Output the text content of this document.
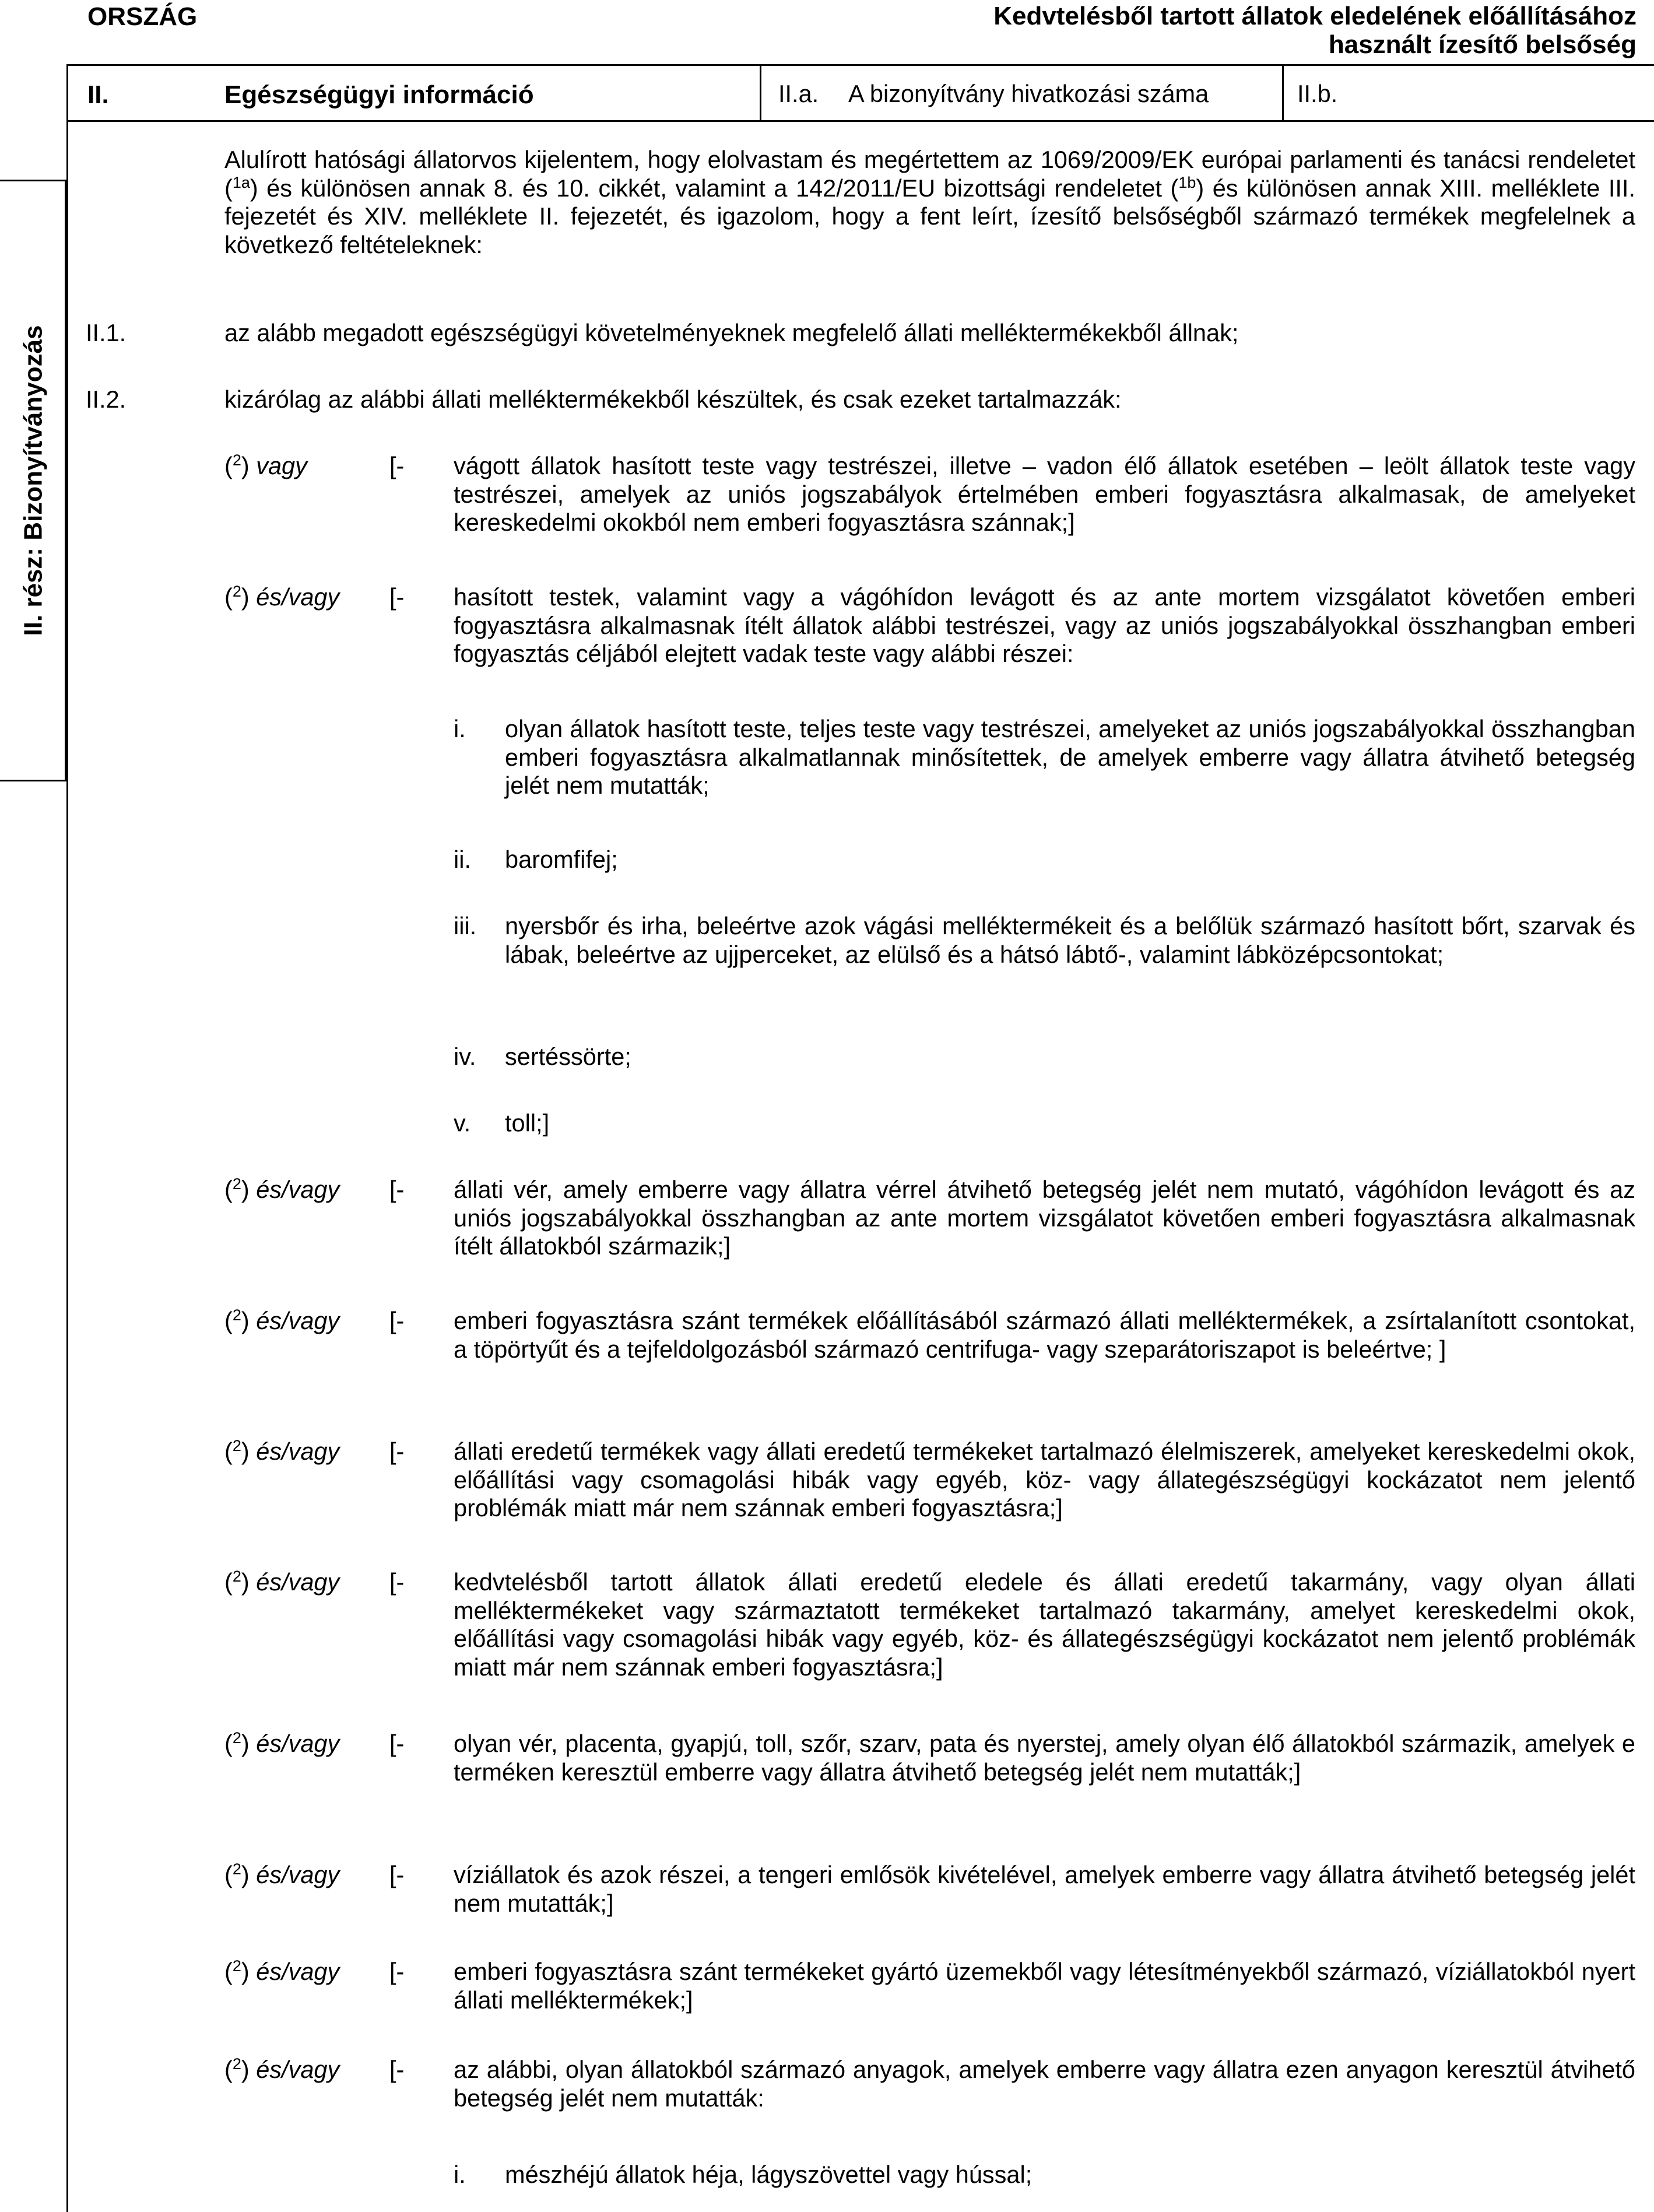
ORSZÁG	Kedvtelésből tartott állatok eledelének előállításához
használt ízesítő belsőség
II.	Egészségügyi információ	II.a. A bizonyítvány hivatkozási száma	II.b.
II. rész: Bizonyítványozás
Alulírott hatósági állatorvos kijelentem, hogy elolvastam és megértettem az 1069/2009/EK európai parlamenti és tanácsi rendeletet ($^{1a}$) és különösen annak 8. és 10. cikkét, valamint a 142/2011/EU bizottsági rendeletet ($^{1b}$) és különösen annak XIII. melléklete III. fejezetét és XIV. melléklete II. fejezetét, és igazolom, hogy a fent leírt, ízesítő belsőségből származó termékek megfelelnek a következő feltételeknek:
II.1.	az alább megadott egészségügyi követelményeknek megfelelő állati melléktermékekből állnak;
II.2.	kizárólag az alábbi állati melléktermékekből készültek, és csak ezeket tartalmazzák:
($^2$) vagy	[- vágott állatok hasított teste vagy testrészei, illetve – vadon élő állatok esetében – leölt állatok teste vagy testrészei, amelyek az uniós jogszabályok értelmében emberi fogyasztásra alkalmasak, de amelyeket kereskedelmi okokból nem emberi fogyasztásra szánnak;]
($^2$) és/vagy [- hasított testek, valamint vagy a vágóhídon levágott és az ante mortem vizsgálatot követően emberi fogyasztásra alkalmasnak ítélt állatok alábbi testrészei, vagy az uniós jogszabályokkal összhangban emberi fogyasztás céljából elejtett vadak teste vagy alábbi részei:
i. olyan állatok hasított teste, teljes teste vagy testrészei, amelyeket az uniós jogszabályokkal összhangban emberi fogyasztásra alkalmatlannak minősítettek, de amelyek emberre vagy állatra átvihető betegség jelét nem mutatták;
ii. baromfifej;
iii. nyersbőr és irha, beleértve azok vágási melléktermékeit és a belőlük származó hasított bőrt, szarvak és lábak, beleértve az ujjperceket, az elülső és a hátsó lábtő-, valamint lábközépcsontokat;
iv. sertéssörte;
v. toll;]
($^2$) és/vagy [- állati vér, amely emberre vagy állatra vérrel átvihető betegség jelét nem mutató, vágóhídon levágott és az uniós jogszabályokkal összhangban az ante mortem vizsgálatot követően emberi fogyasztásra alkalmasnak ítélt állatokból származik;]
($^2$) és/vagy [- emberi fogyasztásra szánt termékek előállításából származó állati melléktermékek, a zsírtalanított csontokat, a töpörtyűt és a tejfeldolgozásból származó centrifuga- vagy szeparátoriszapot is beleértve; ]
($^2$) és/vagy [- állati eredetű termékek vagy állati eredetű termékeket tartalmazó élelmiszerek, amelyeket kereskedelmi okok, előállítási vagy csomagolási hibák vagy egyéb, köz- vagy állategészségügyi kockázatot nem jelentő problémák miatt már nem szánnak emberi fogyasztásra;]
($^2$) és/vagy [- kedvtelésből tartott állatok állati eredetű eledele és állati eredetű takarmány, vagy olyan állati melléktermékeket vagy származtatott termékeket tartalmazó takarmány, amelyet kereskedelmi okok, előállítási vagy csomagolási hibák vagy egyéb, köz- és állategészségügyi kockázatot nem jelentő problémák miatt már nem szánnak emberi fogyasztásra;]
($^2$) és/vagy [- olyan vér, placenta, gyapjú, toll, szőr, szarv, pata és nyerstej, amely olyan élő állatokból származik, amelyek e terméken keresztül emberre vagy állatra átvihető betegség jelét nem mutatták;]
($^2$) és/vagy [- víziállatok és azok részei, a tengeri emlősök kivételével, amelyek emberre vagy állatra átvihető betegség jelét nem mutatták;]
($^2$) és/vagy [- emberi fogyasztásra szánt termékeket gyártó üzemekből vagy létesítményekből származó, víziállatokból nyert állati melléktermékek;]
($^2$) és/vagy [- az alábbi, olyan állatokból származó anyagok, amelyek emberre vagy állatra ezen anyagon keresztül átvihető betegség jelét nem mutatták:
i. mészhéjú állatok héja, lágyszövettel vagy hússal;
